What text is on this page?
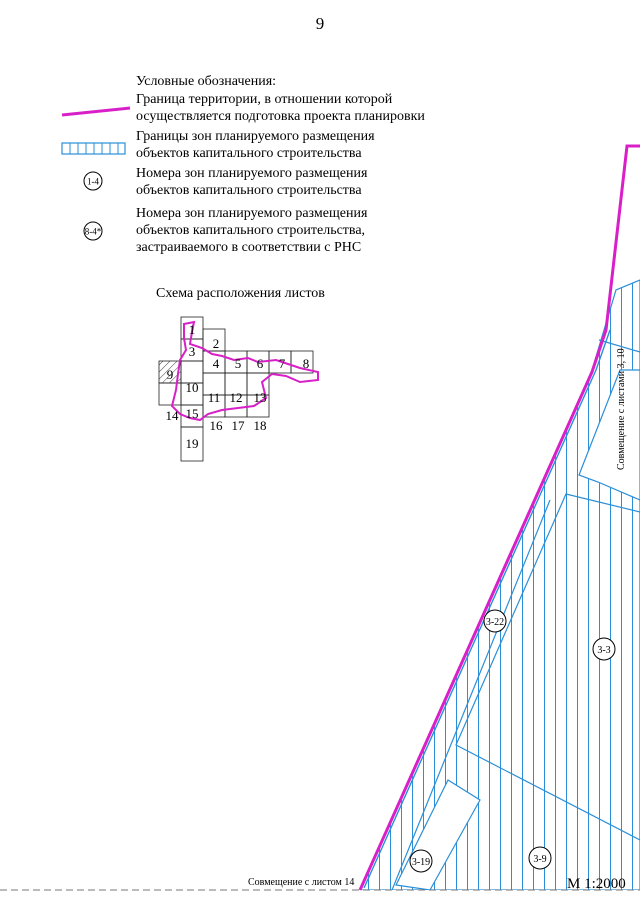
9
Условные обозначения:
1-4
8-4*
Граница территории, в отношении которой
осуществляется подготовка проекта планировки
Границы зон планируемого размещения
объектов капитального строительства
Номера зон планируемого размещения
объектов капитального строительства
Номера зон планируемого размещения
объектов капитального строительства,
застраиваемого в соответствии с РНС
Схема расположения листов
1
2
3
4 5 6 7 8
9
10
11 12 13
14 15
16 17 18
19
3-22
3-3
3-19	3-9
Совмещение с листами 3, 10
Совмещение с листом 14	М 1:2000
